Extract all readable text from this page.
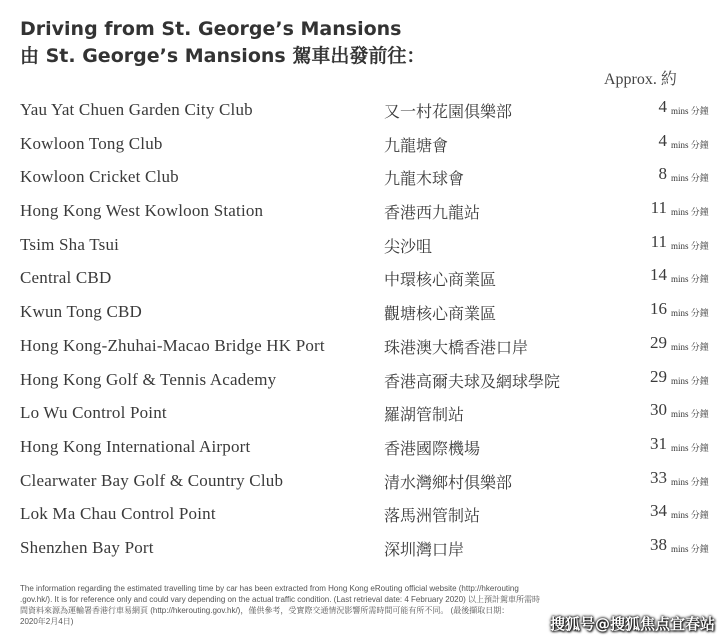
Driving from St. George’s Mansions
由 St. George’s Mansions 駕車出發前往：
Approx. 約
Yau Yat Chuen Garden City Club	又一村花園俱樂部	4 mins 分鐘
Kowloon Tong Club	九龍塘會	4 mins 分鐘
Kowloon Cricket Club	九龍木球會	8 mins 分鐘
Hong Kong West Kowloon Station	香港西九龍站	11 mins 分鐘
Tsim Sha Tsui	尖沙咀	11 mins 分鐘
Central CBD	中環核心商業區	14 mins 分鐘
Kwun Tong CBD	觀塘核心商業區	16 mins 分鐘
Hong Kong-Zhuhai-Macao Bridge HK Port	珠港澳大橋香港口岸	29 mins 分鐘
Hong Kong Golf & Tennis Academy	香港高爾夫球及網球學院	29 mins 分鐘
Lo Wu Control Point	羅湖管制站	30 mins 分鐘
Hong Kong International Airport	香港國際機場	31 mins 分鐘
Clearwater Bay Golf & Country Club	清水灣鄉村俱樂部	33 mins 分鐘
Lok Ma Chau Control Point	落馬洲管制站	34 mins 分鐘
Shenzhen Bay Port	深圳灣口岸	38 mins 分鐘

The information regarding the estimated travelling time by car has been extracted from Hong Kong eRouting official website (http://hkerouting

.gov.hk/). It is for reference only and could vary depending on the actual traffic condition. (Last retrieval date: 4 February 2020) 以上預計駕車所需時

間資料來源為運輸署香港行車易網頁 (http://hkerouting.gov.hk/)，僅供參考，受實際交通情況影響所需時間可能有所不同。 (最後擷取日期：

2020年2月4日)	搜狐号@搜狐焦点宜春站
